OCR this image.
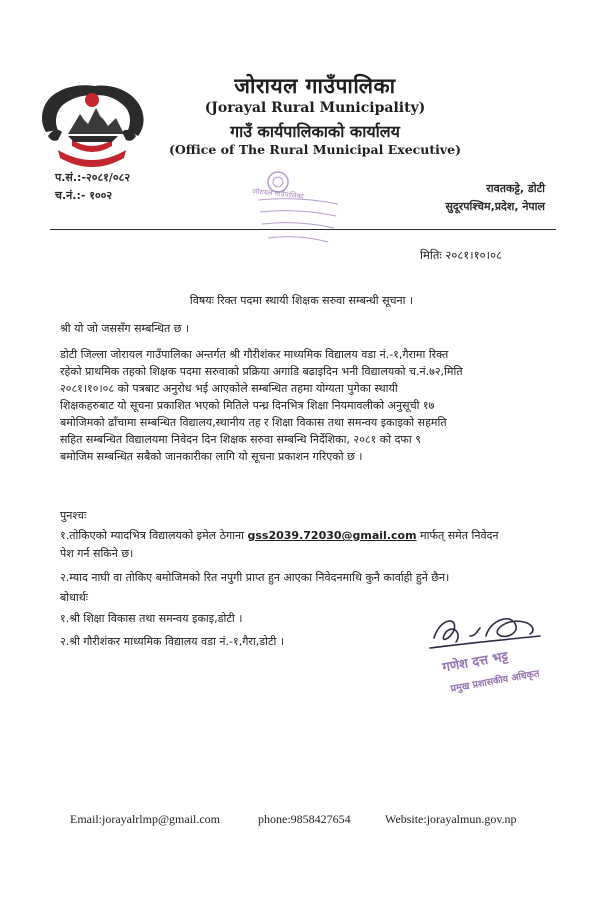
जोरायल गाउँपालिका
(Jorayal Rural Municipality)
गाउँ कार्यपालिकाको कार्यालय
(Office of The Rural Municipal Executive)
प.सं.:-२०८१/०८२
च.नं.:- १००२
रावतकट्टे, डोटी
सुदूरपश्चिम,प्रदेश, नेपाल
जोरायल गाउँपालिका
मितिः २०८१।१०।०८
विषयः रिक्त पदमा स्थायी शिक्षक सरुवा सम्बन्धी सूचना ।
श्री यो जो जससँग सम्बन्धित छ ।
डोटी जिल्ला जोरायल गाउँपालिका अन्तर्गत श्री गौरीशंकर माध्यमिक विद्यालय वडा नं.-१,गैरामा रिक्त
रहेको प्राथमिक तहको शिक्षक पदमा सरुवाको प्रक्रिया अगाडि बढाइदिन भनी विद्यालयको च.नं.७२,मिति
२०८१।१०।०८ को पत्रबाट अनुरोध भई आएकोले सम्बन्धित तहमा योग्यता पुगेका स्थायी
शिक्षकहरुबाट यो सूचना प्रकाशित भएको मितिले पन्ध्र दिनभित्र शिक्षा नियमावलीको अनुसूची १७
बमोजिमको ढाँचामा सम्बन्धित विद्यालय,स्थानीय तह र शिक्षा विकास तथा समन्वय इकाइको सहमति
सहित सम्बन्धित विद्यालयमा निवेदन दिन शिक्षक सरुवा सम्बन्धि निर्देशिका, २०८१ को दफा ९
बमोजिम सम्बन्धित सबैको जानकारीका लागि यो सूचना प्रकाशन गरिएको छ ।
पुनश्चः
१.तोकिएको म्यादभित्र विद्यालयको इमेल ठेगाना gss2039.72030@gmail.com मार्फत् समेत निवेदन
पेश गर्न सकिने छ।
२.म्याद नाघी वा तोकिए बमोजिमको रित नपुगी प्राप्त हुन आएका निवेदनमाथि कुनै कार्वाही हुने छैन।
बोधार्थः
१.श्री शिक्षा विकास तथा समन्वय इकाइ,डोटी ।
२.श्री गौरीशंकर माध्यमिक विद्यालय वडा नं.-१,गैरा,डोटी ।
गणेश दत्त भट्ट
प्रमुख प्रशासकीय अधिकृत
Email:jorayalrlmp@gmail.com	phone:9858427654	Website:jorayalmun.gov.np
